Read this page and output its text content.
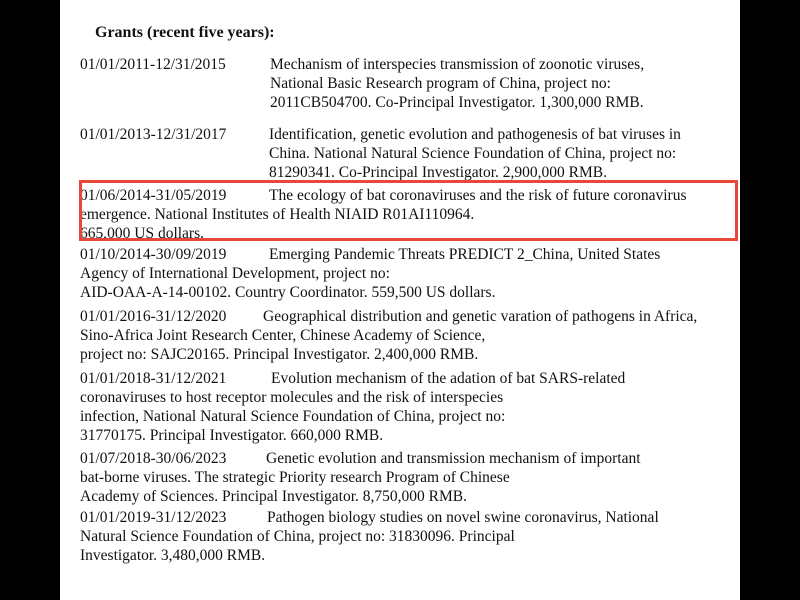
Grants (recent five years):
01/01/2011-12/31/2015	Mechanism of interspecies transmission of zoonotic viruses,
National Basic Research program of China, project no:
2011CB504700. Co-Principal Investigator. 1,300,000 RMB.
01/01/2013-12/31/2017	Identification, genetic evolution and pathogenesis of bat viruses in
China. National Natural Science Foundation of China, project no:
81290341. Co-Principal Investigator. 2,900,000 RMB.
01/06/2014-31/05/2019	The ecology of bat coronaviruses and the risk of future coronavirus
emergence. National Institutes of Health NIAID R01AI110964.
665,000 US dollars.
01/10/2014-30/09/2019	Emerging Pandemic Threats PREDICT 2_China, United States
Agency of International Development, project no:
AID-OAA-A-14-00102. Country Coordinator. 559,500 US dollars.
01/01/2016-31/12/2020 Geographical distribution and genetic varation of pathogens in Africa,
Sino-Africa Joint Research Center, Chinese Academy of Science,
project no: SAJC20165. Principal Investigator. 2,400,000 RMB.
01/01/2018-31/12/2021	Evolution mechanism of the adation of bat SARS-related
coronaviruses to host receptor molecules and the risk of interspecies
infection, National Natural Science Foundation of China, project no:
31770175. Principal Investigator. 660,000 RMB.
01/07/2018-30/06/2023	Genetic evolution and transmission mechanism of important
bat-borne viruses. The strategic Priority research Program of Chinese
Academy of Sciences. Principal Investigator. 8,750,000 RMB.
01/01/2019-31/12/2023	Pathogen biology studies on novel swine coronavirus, National
Natural Science Foundation of China, project no: 31830096. Principal
Investigator. 3,480,000 RMB.
